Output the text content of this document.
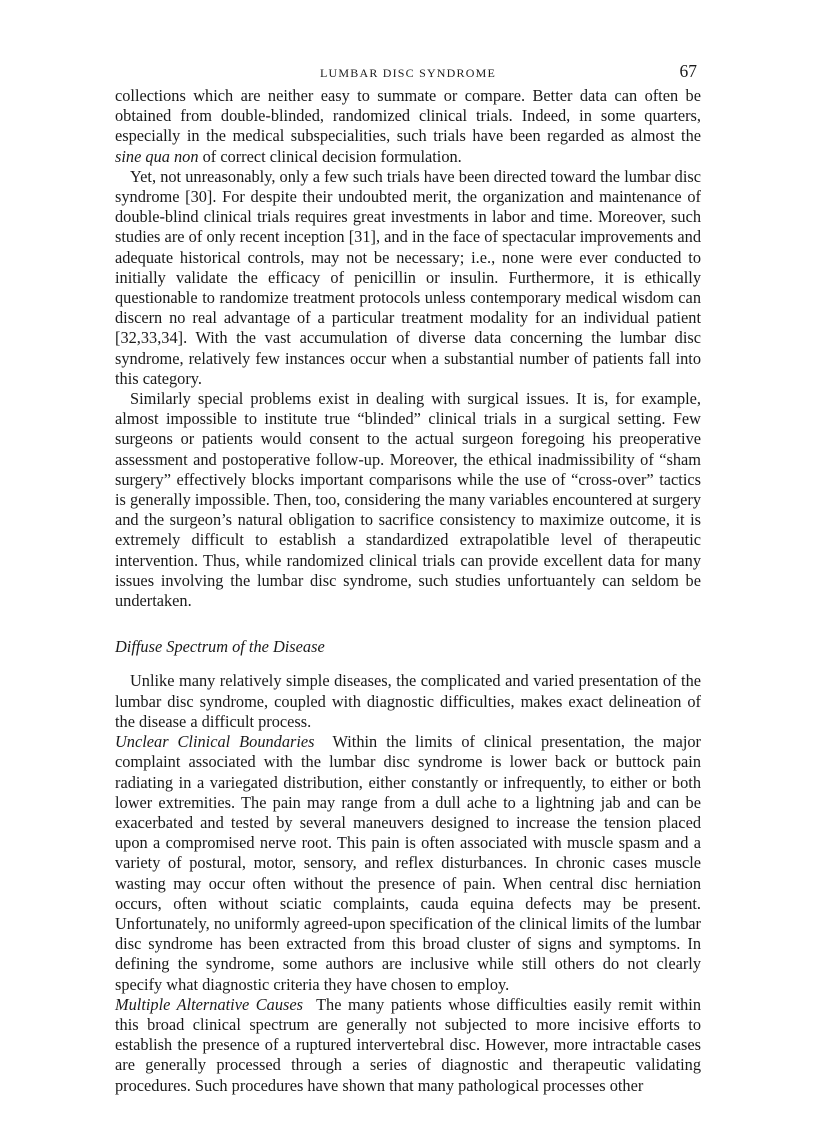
LUMBAR DISC SYNDROME	67

collections which are neither easy to summate or compare. Better data can often be obtained from double-blinded, randomized clinical trials. Indeed, in some quarters, especially in the medical subspecialities, such trials have been regarded as almost the sine qua non of correct clinical decision formulation.

Yet, not unreasonably, only a few such trials have been directed toward the lumbar disc syndrome [30]. For despite their undoubted merit, the organization and maintenance of double-blind clinical trials requires great investments in labor and time. Moreover, such studies are of only recent inception [31], and in the face of spectacular improvements and adequate historical controls, may not be necessary; i.e., none were ever conducted to initially validate the efficacy of penicillin or insulin. Furthermore, it is ethically questionable to randomize treatment protocols unless contemporary medical wisdom can discern no real advantage of a particular treatment modality for an individual patient [32,33,34]. With the vast accumulation of diverse data concerning the lumbar disc syndrome, relatively few instances occur when a substantial number of patients fall into this category.

Similarly special problems exist in dealing with surgical issues. It is, for example, almost impossible to institute true “blinded” clinical trials in a surgical setting. Few surgeons or patients would consent to the actual surgeon foregoing his preoperative assessment and postoperative follow-up. Moreover, the ethical inadmissibility of “sham surgery” effectively blocks important comparisons while the use of “cross-over” tactics is generally impossible. Then, too, considering the many variables encountered at surgery and the surgeon’s natural obligation to sacrifice consistency to maximize outcome, it is extremely difficult to establish a standardized extrapolatible level of therapeutic intervention. Thus, while randomized clinical trials can provide excellent data for many issues involving the lumbar disc syndrome, such studies unfortuantely can seldom be undertaken.

Diffuse Spectrum of the Disease

Unlike many relatively simple diseases, the complicated and varied presentation of the lumbar disc syndrome, coupled with diagnostic difficulties, makes exact delineation of the disease a difficult process.

Unclear Clinical Boundaries Within the limits of clinical presentation, the major complaint associated with the lumbar disc syndrome is lower back or buttock pain radiating in a variegated distribution, either constantly or infrequently, to either or both lower extremities. The pain may range from a dull ache to a lightning jab and can be exacerbated and tested by several maneuvers designed to increase the tension placed upon a compromised nerve root. This pain is often associated with muscle spasm and a variety of postural, motor, sensory, and reflex disturbances. In chronic cases muscle wasting may occur often without the presence of pain. When central disc herniation occurs, often without sciatic complaints, cauda equina defects may be present. Unfortunately, no uniformly agreed-upon specification of the clinical limits of the lumbar disc syndrome has been extracted from this broad cluster of signs and symptoms. In defining the syndrome, some authors are inclusive while still others do not clearly specify what diagnostic criteria they have chosen to employ.

Multiple Alternative Causes The many patients whose difficulties easily remit within this broad clinical spectrum are generally not subjected to more incisive efforts to establish the presence of a ruptured intervertebral disc. However, more intractable cases are generally processed through a series of diagnostic and therapeutic validating procedures. Such procedures have shown that many pathological processes other
